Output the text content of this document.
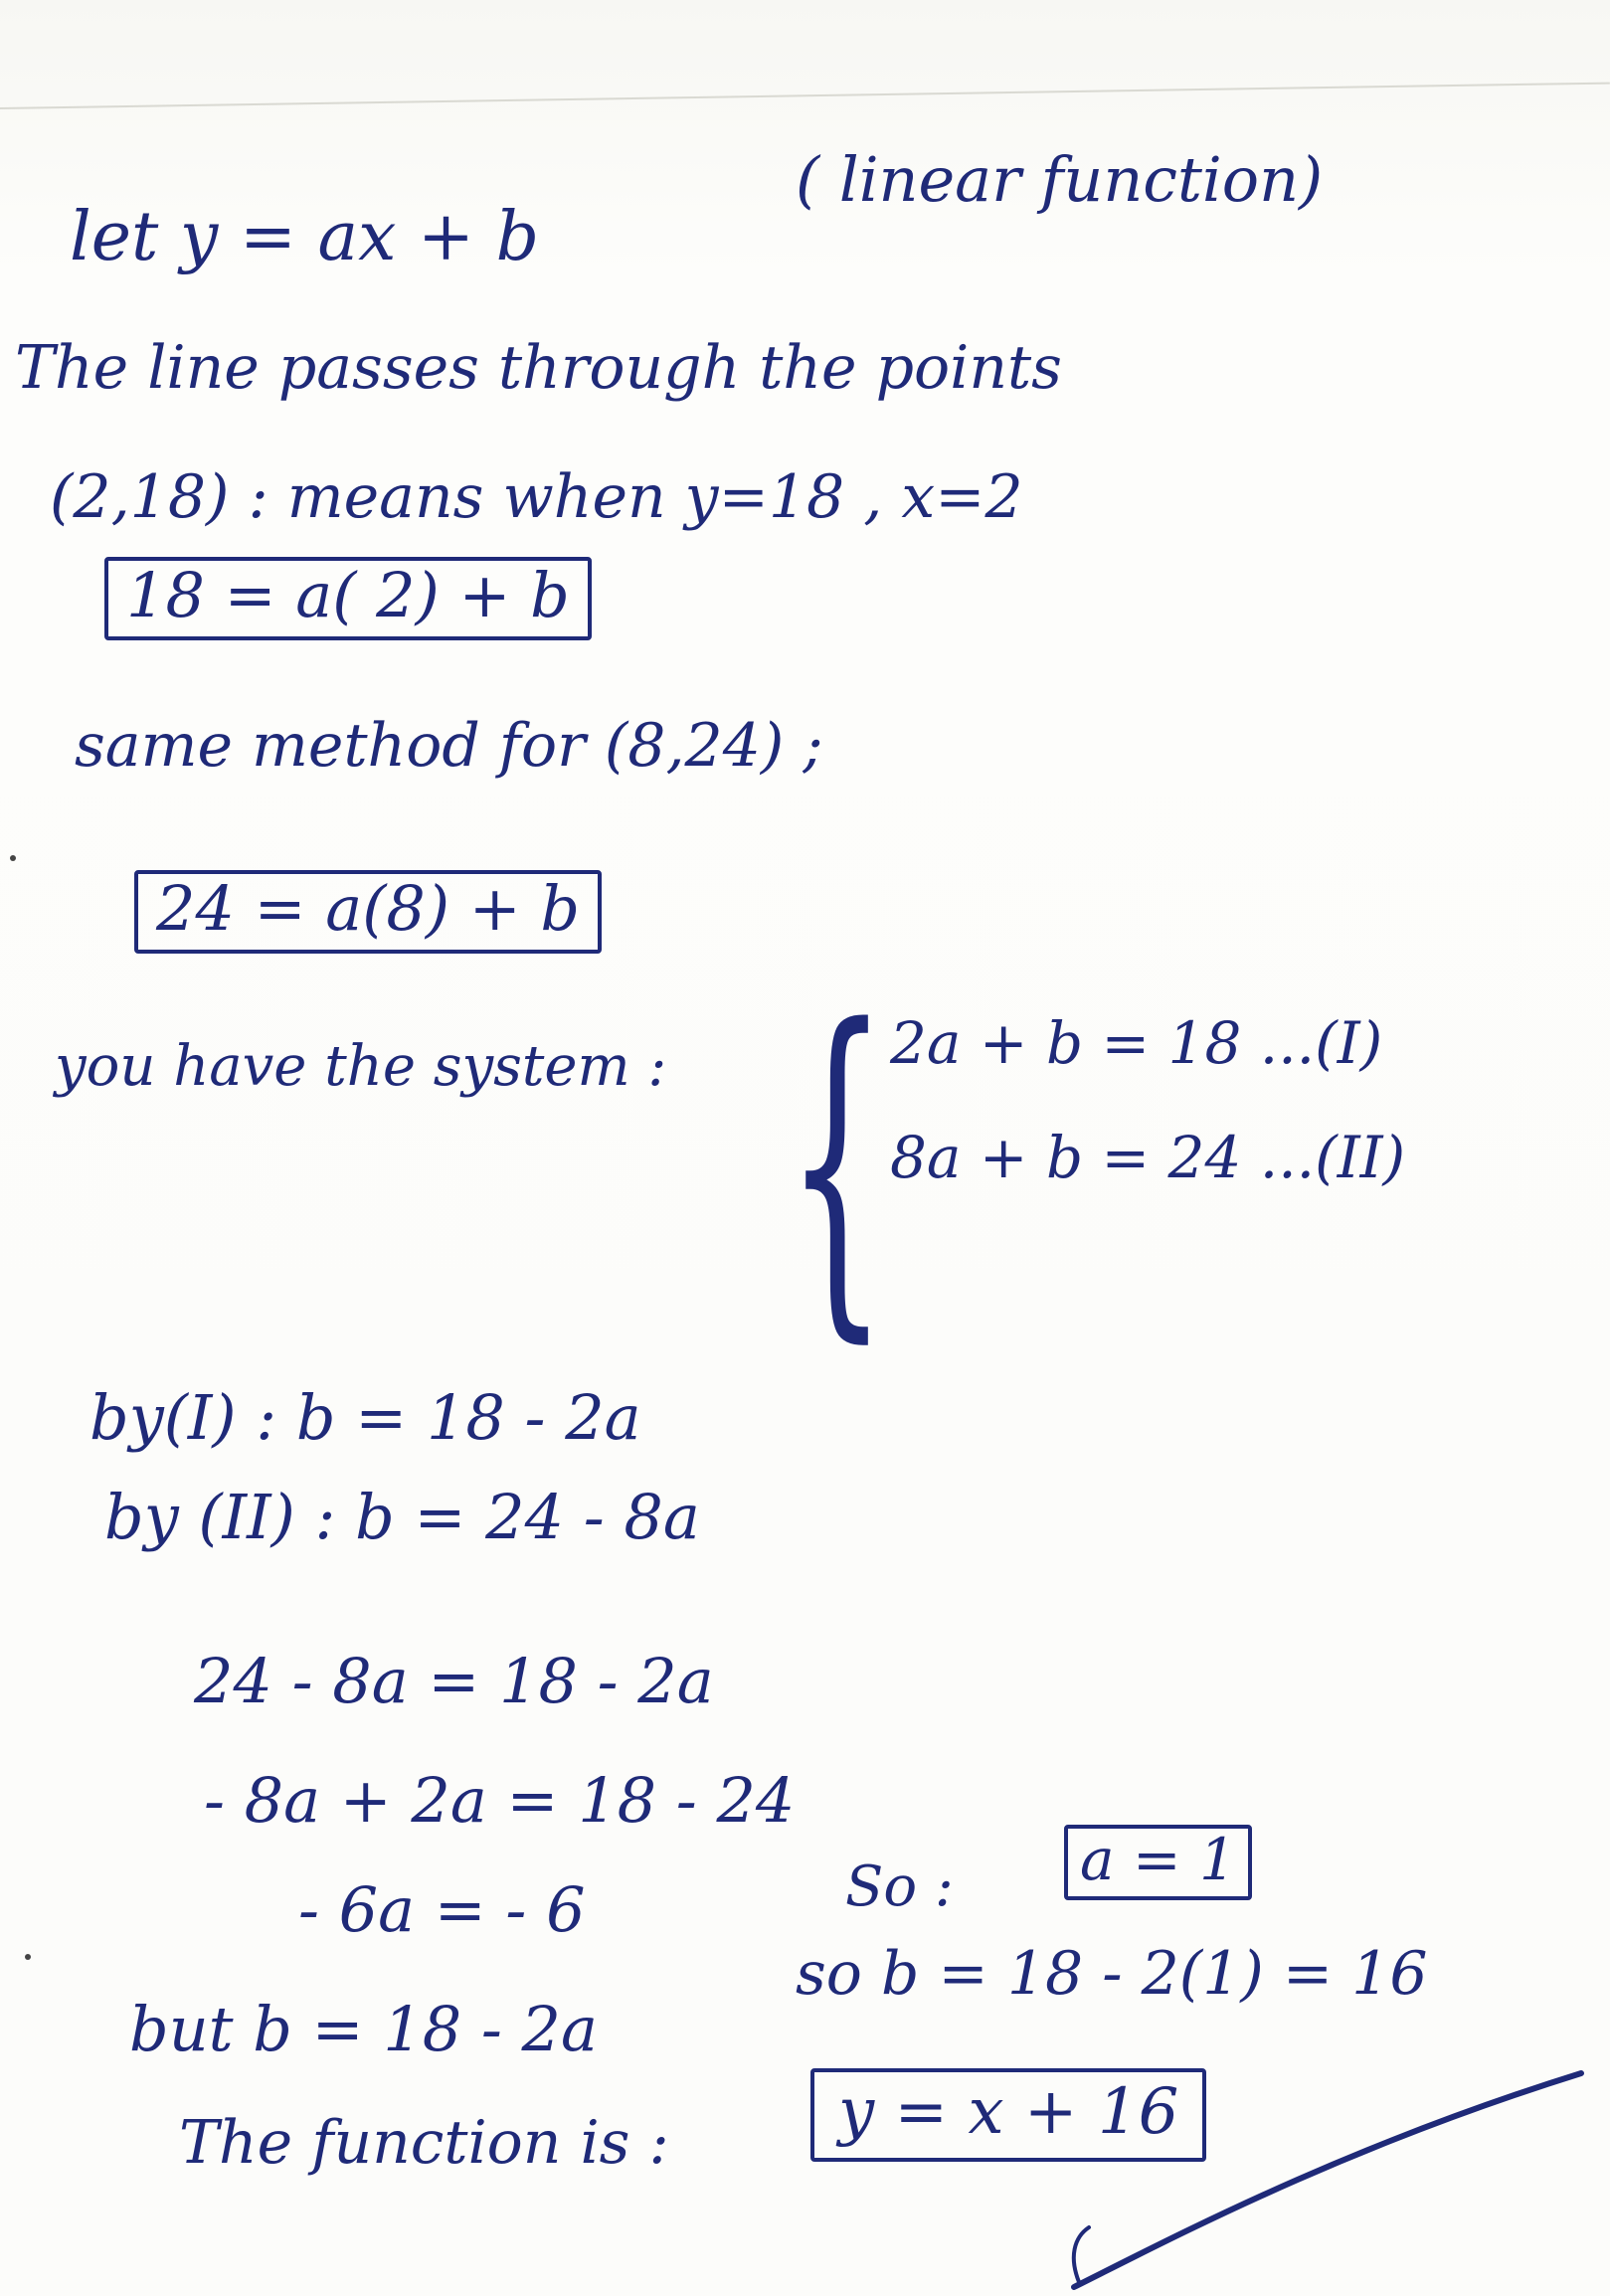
let y = ax + b
( linear function)
The line passes through the points
(2,18) : means when y=18 , x=2
18 = a( 2) + b
same method for (8,24) ;
24 = a(8) + b
you have the system : { 2a + b = 18 ...(I)
8a + b = 24 ...(II)
by(I) : b = 18 - 2a
by (II) : b = 24 - 8a
24 - 8a = 18 - 2a
- 8a + 2a = 18 - 24
- 6a = - 6	So : a = 1
but b = 18 - 2a
so b = 18 - 2(1) = 16
The function is :	y = x + 16
